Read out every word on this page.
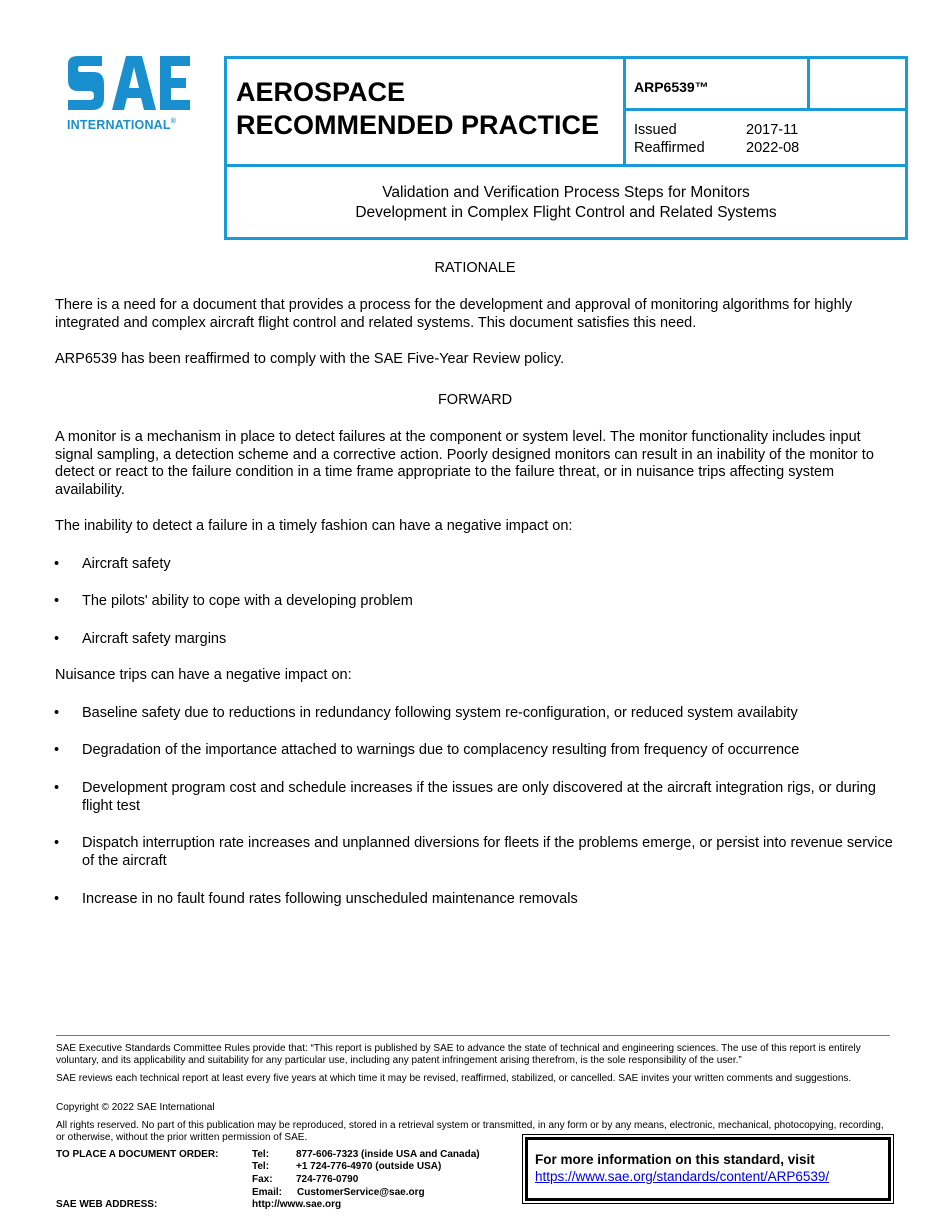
INTERNATIONAL®
AEROSPACE
RECOMMENDED PRACTICE
ARP6539™
Issued	2017-11
Reaffirmed	2022-08
Validation and Verification Process Steps for Monitors
Development in Complex Flight Control and Related Systems
RATIONALE
There is a need for a document that provides a process for the development and approval of monitoring algorithms for highly integrated and complex aircraft flight control and related systems. This document satisfies this need.
ARP6539 has been reaffirmed to comply with the SAE Five-Year Review policy.
FORWARD
A monitor is a mechanism in place to detect failures at the component or system level. The monitor functionality includes input signal sampling, a detection scheme and a corrective action. Poorly designed monitors can result in an inability of the monitor to detect or react to the failure condition in a time frame appropriate to the failure threat, or in nuisance trips affecting system availability.
The inability to detect a failure in a timely fashion can have a negative impact on:
• Aircraft safety
• The pilots' ability to cope with a developing problem
• Aircraft safety margins
Nuisance trips can have a negative impact on:
• Baseline safety due to reductions in redundancy following system re-configuration, or reduced system availabity
• Degradation of the importance attached to warnings due to complacency resulting from frequency of occurrence
• Development program cost and schedule increases if the issues are only discovered at the aircraft integration rigs, or during flight test
• Dispatch interruption rate increases and unplanned diversions for fleets if the problems emerge, or persist into revenue service of the aircraft
• Increase in no fault found rates following unscheduled maintenance removals
SAE Executive Standards Committee Rules provide that: “This report is published by SAE to advance the state of technical and engineering sciences. The use of this report is entirely voluntary, and its applicability and suitability for any particular use, including any patent infringement arising therefrom, is the sole responsibility of the user.”
SAE reviews each technical report at least every five years at which time it may be revised, reaffirmed, stabilized, or cancelled. SAE invites your written comments and suggestions.
Copyright © 2022 SAE International
All rights reserved. No part of this publication may be reproduced, stored in a retrieval system or transmitted, in any form or by any means, electronic, mechanical, photocopying, recording, or otherwise, without the prior written permission of SAE.
TO PLACE A DOCUMENT ORDER:	Tel:	877-606-7323 (inside USA and Canada)
Tel:	+1 724-776-4970 (outside USA)
Fax: 724-776-0790
Email: CustomerService@sae.org
SAE WEB ADDRESS:	http://www.sae.org
For more information on this standard, visit
https://www.sae.org/standards/content/ARP6539/
